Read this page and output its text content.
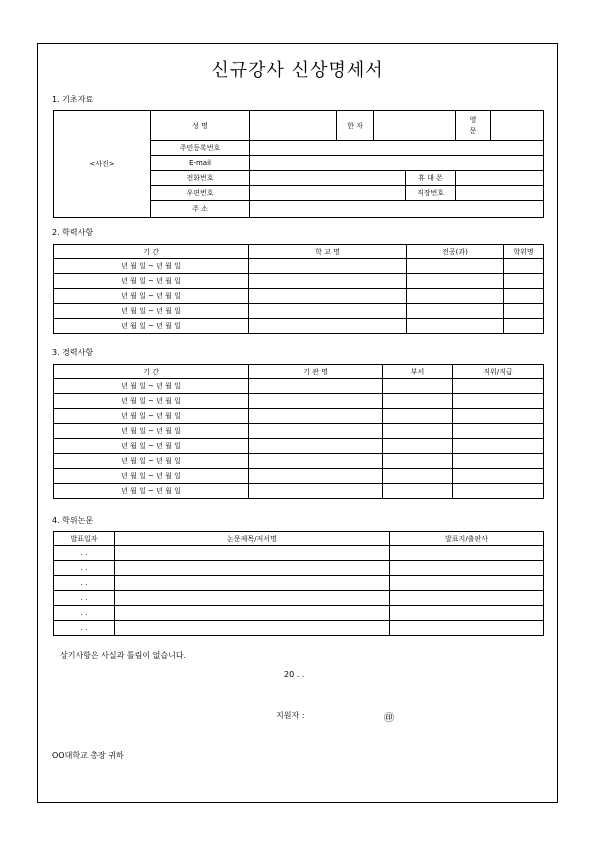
신규강사 신상명세서
1. 기초자료
<사진>	성 명		한 자			영
문	
	주민등록번호						
	E-mail						
	전화번호				휴 대 폰		
	우편번호				직장번호		
	주 소						
2. 학력사항
기 간	학 교 명	전공(과)	학위명
년 월 일 ~ 년 월 일			
년 월 일 ~ 년 월 일			
년 월 일 ~ 년 월 일			
년 월 일 ~ 년 월 일			
년 월 일 ~ 년 월 일			
3. 경력사항
기 간	기 관 명	부서	직위/직급
년 월 일 ~ 년 월 일			
년 월 일 ~ 년 월 일			
년 월 일 ~ 년 월 일			
년 월 일 ~ 년 월 일			
년 월 일 ~ 년 월 일			
년 월 일 ~ 년 월 일			
년 월 일 ~ 년 월 일			
년 월 일 ~ 년 월 일			
4. 학위논문
발표일자	논문제목/저서명	발표지/출판사
. .		
. .		
. .		
. .		
. .		
. .		
상기사항은 사실과 틀림이 없습니다.
20 . .
지원자 :	㊞
OO대학교 총장 귀하
